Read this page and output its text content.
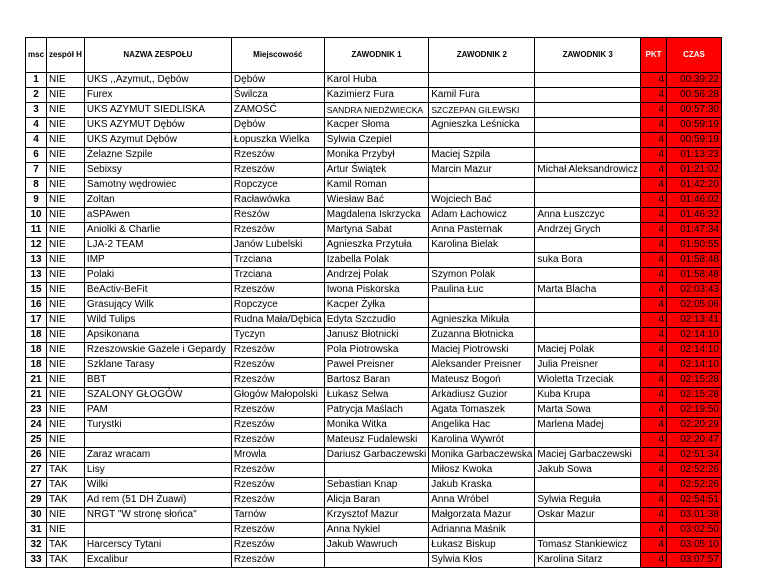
msc	zespół H	NAZWA ZESPOŁU	Miejscowość	ZAWODNIK 1	ZAWODNIK 2	ZAWODNIK 3	PKT	CZAS
1	NIE	UKS ,,Azymut,, Dębów	Dębów	Karol Huba			4	00:39:22
2	NIE	Furex	Świlcza	Kazimierz Fura	Kamil Fura		4	00:56:28
3	NIE	UKS AZYMUT SIEDLISKA	ZAMOŚĆ	SANDRA NIEDŹWIECKA	SZCZEPAN GILEWSKI		4	00:57:30
4	NIE	UKS AZYMUT Dębów	Dębów	Kacper Słoma	Agnieszka Leśnicka		4	00:59:19
4	NIE	UKS Azymut Dębów	Łopuszka Wielka	Sylwia Czepiel			4	00:59:19
6	NIE	Żelazne Szpile	Rzeszów	Monika Przybył	Maciej Szpila		4	01:13:23
7	NIE	Sebixsy	Rzeszów	Artur Świątek	Marcin Mazur	Michał Aleksandrowicz	4	01:21:02
8	NIE	Samotny wędrowiec	Ropczyce	Kamil Roman			4	01:42:20
9	NIE	Zoltan	Racławówka	Wiesław Bać	Wojciech Bać		4	01:46:02
10	NIE	aSPAwen	Reszów	Magdalena Iskrzycka	Adam Łachowicz	Anna Łuszczyc	4	01:46:32
11	NIE	Aniolki & Charlie	Rzeszów	Martyna Sabat	Anna Pasternak	Andrzej Grych	4	01:47:34
12	NIE	LJA-2 TEAM	Janów Lubelski	Agnieszka Przytuła	Karolina Bielak		4	01:50:55
13	NIE	IMP	Trzciana	Izabella Polak		suka Bora	4	01:58:48
13	NIE	Polaki	Trzciana	Andrzej Polak	Szymon Polak		4	01:58:48
15	NIE	BeActiv-BeFit	Rzeszów	Iwona Piskorska	Paulina Łuc	Marta Blacha	4	02:03:43
16	NIE	Grasujący Wilk	Ropczyce	Kacper Żyłka			4	02:05:06
17	NIE	Wild Tulips	Rudna Mała/Dębica	Edyta Szczudło	Agnieszka Mikuła		4	02:13:41
18	NIE	Apsikonana	Tyczyn	Janusz Błotnicki	Zuzanna Błotnicka		4	02:14:10
18	NIE	Rzeszowskie Gazele i Gepardy	Rzeszów	Pola Piotrowska	Maciej Piotrowski	Maciej Polak	4	02:14:10
18	NIE	Szklane Tarasy	Rzeszów	Paweł Preisner	Aleksander Preisner	Julia Preisner	4	02:14:10
21	NIE	BBT	Rzeszów	Bartosz Baran	Mateusz Bogoń	Wioletta Trzeciak	4	02:15:28
21	NIE	SZALONY GŁOGÓW	Głogów Małopolski	Łukasz Selwa	Arkadiusz Guzior	Kuba Krupa	4	02:15:28
23	NIE	PAM	Rzeszów	Patrycja Maślach	Agata Tomaszek	Marta Sowa	4	02:19:50
24	NIE	Turystki	Rzeszów	Monika Witka	Angelika Hac	Marlena Madej	4	02:20:29
25	NIE		Rzeszów	Mateusz Fudalewski	Karolina Wywrót		4	02:20:47
26	NIE	Zaraz wracam	Mrowla	Dariusz Garbaczewski	Monika Garbaczewska	Maciej Garbaczewski	4	02:51:34
27	TAK	Lisy	Rzeszów		Miłosz Kwoka	Jakub Sowa	4	02:52:26
27	TAK	Wilki	Rzeszów	Sebastian Knap	Jakub Kraska		4	02:52:26
29	TAK	Ad rem (51 DH Żuawi)	Rzeszów	Alicja Baran	Anna Wróbel	Sylwia Reguła	4	02:54:51
30	NIE	NRGT "W stronę słońca"	Tarnów	Krzysztof Mazur	Małgorzata Mazur	Oskar Mazur	4	03:01:38
31	NIE		Rzeszów	Anna Nykiel	Adrianna Maśnik		4	03:02:50
32	TAK	Harcerscy Tytani	Rzeszów	Jakub Wawruch	Łukasz Biskup	Tomasz Stankiewicz	4	03:05:10
33	TAK	Excalibur	Rzeszów		Sylwia Kłos	Karolina Sitarz	4	03:07:57
